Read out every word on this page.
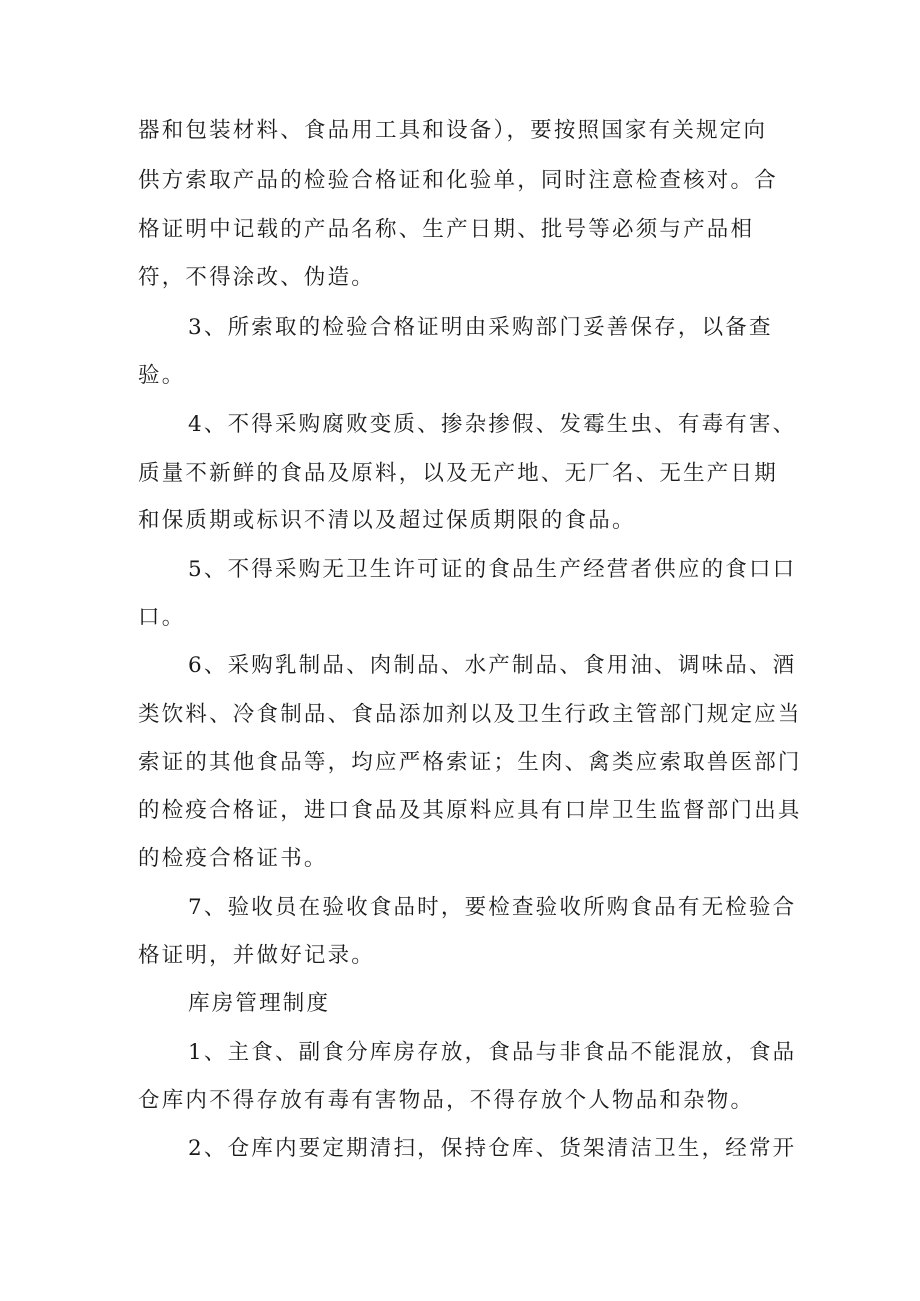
器和包装材料、食品用工具和设备），要按照国家有关规定向
供方索取产品的检验合格证和化验单，同时注意检查核对。合
格证明中记载的产品名称、生产日期、批号等必须与产品相
符，不得涂改、伪造。
3、所索取的检验合格证明由采购部门妥善保存，以备查
验。
4、不得采购腐败变质、掺杂掺假、发霉生虫、有毒有害、
质量不新鲜的食品及原料，以及无产地、无厂名、无生产日期
和保质期或标识不清以及超过保质期限的食品。
5、不得采购无卫生许可证的食品生产经营者供应的食口口
口。
6、采购乳制品、肉制品、水产制品、食用油、调味品、酒
类饮料、冷食制品、食品添加剂以及卫生行政主管部门规定应当
索证的其他食品等，均应严格索证；生肉、禽类应索取兽医部门
的检疫合格证，进口食品及其原料应具有口岸卫生监督部门出具
的检疫合格证书。
7、验收员在验收食品时，要检查验收所购食品有无检验合
格证明，并做好记录。
库房管理制度
1、主食、副食分库房存放，食品与非食品不能混放，食品
仓库内不得存放有毒有害物品，不得存放个人物品和杂物。
2、仓库内要定期清扫，保持仓库、货架清洁卫生，经常开
